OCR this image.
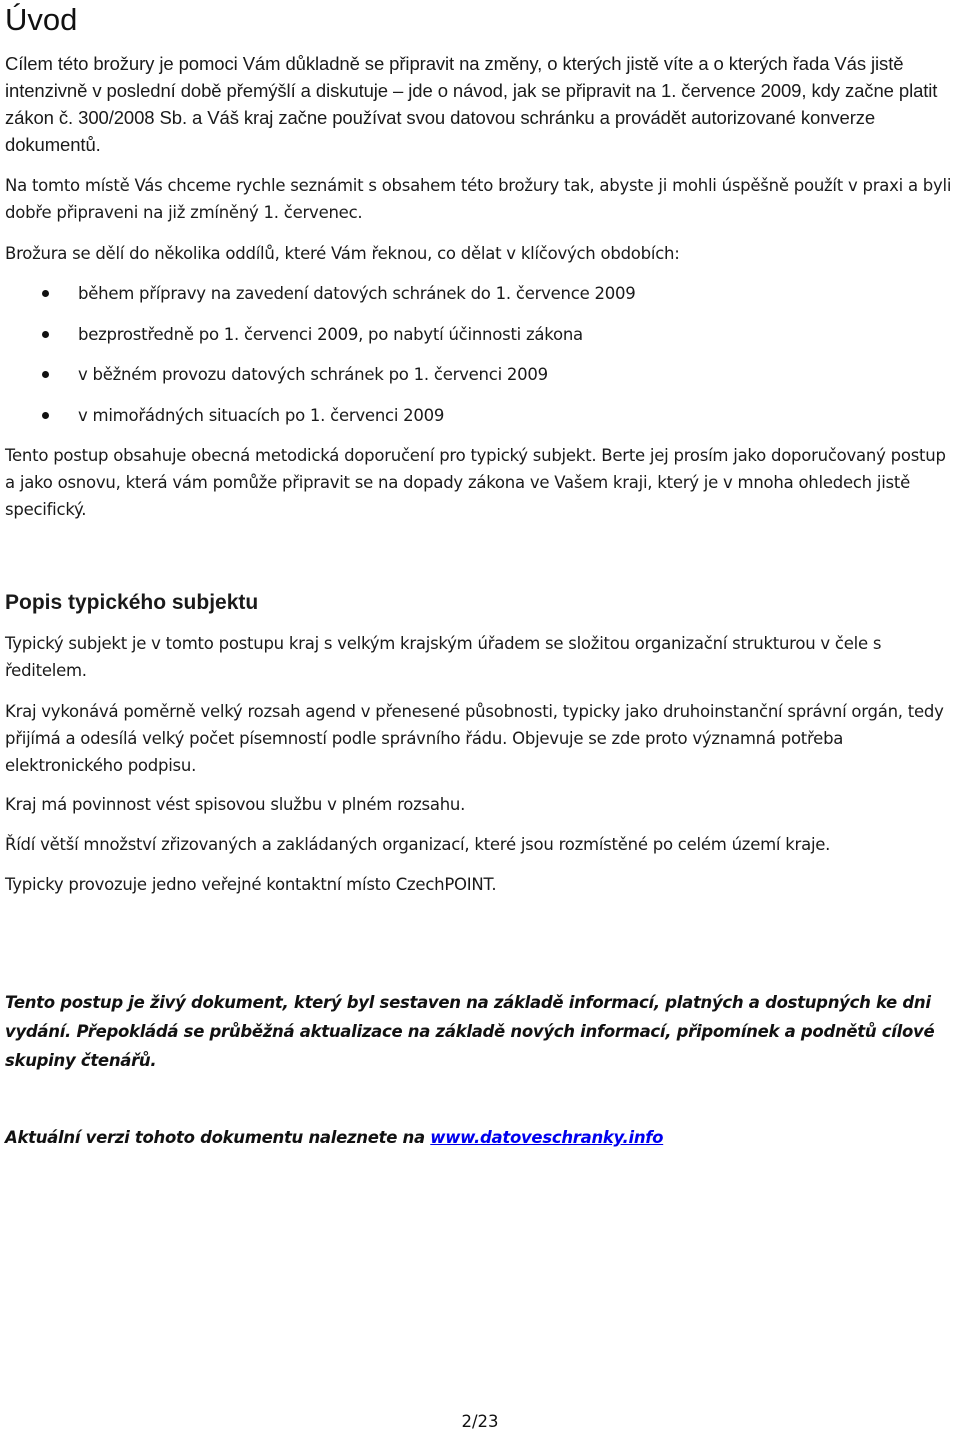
Úvod

Cílem této brožury je pomoci Vám důkladně se připravit na změny, o kterých jistě víte a o kterých řada Vás jistě intenzivně v poslední době přemýšlí a diskutuje – jde o návod, jak se připravit na 1. července 2009, kdy začne platit zákon č. 300/2008 Sb. a Váš kraj začne používat svou datovou schránku a provádět autorizované konverze dokumentů.

Na tomto místě Vás chceme rychle seznámit s obsahem této brožury tak, abyste ji mohli úspěšně použít v praxi a byli dobře připraveni na již zmíněný 1. červenec.

Brožura se dělí do několika oddílů, které Vám řeknou, co dělat v klíčových obdobích:

během přípravy na zavedení datových schránek do 1. července 2009
bezprostředně po 1. červenci 2009, po nabytí účinnosti zákona
v běžném provozu datových schránek po 1. červenci 2009
v mimořádných situacích po 1. červenci 2009

Tento postup obsahuje obecná metodická doporučení pro typický subjekt. Berte jej prosím jako doporučovaný postup a jako osnovu, která vám pomůže připravit se na dopady zákona ve Vašem kraji, který je v mnoha ohledech jistě specifický.

Popis typického subjektu

Typický subjekt je v tomto postupu kraj s velkým krajským úřadem se složitou organizační strukturou v čele s ředitelem.

Kraj vykonává poměrně velký rozsah agend v přenesené působnosti, typicky jako druhoinstanční správní orgán, tedy přijímá a odesílá velký počet písemností podle správního řádu. Objevuje se zde proto významná potřeba elektronického podpisu.

Kraj má povinnost vést spisovou službu v plném rozsahu.

Řídí větší množství zřizovaných a zakládaných organizací, které jsou rozmístěné po celém území kraje.

Typicky provozuje jedno veřejné kontaktní místo CzechPOINT.

Tento postup je živý dokument, který byl sestaven na základě informací, platných a dostupných ke dni vydání. Přepokládá se průběžná aktualizace na základě nových informací, připomínek a podnětů cílové skupiny čtenářů.

Aktuální verzi tohoto dokumentu naleznete na www.datoveschranky.info

2/23
